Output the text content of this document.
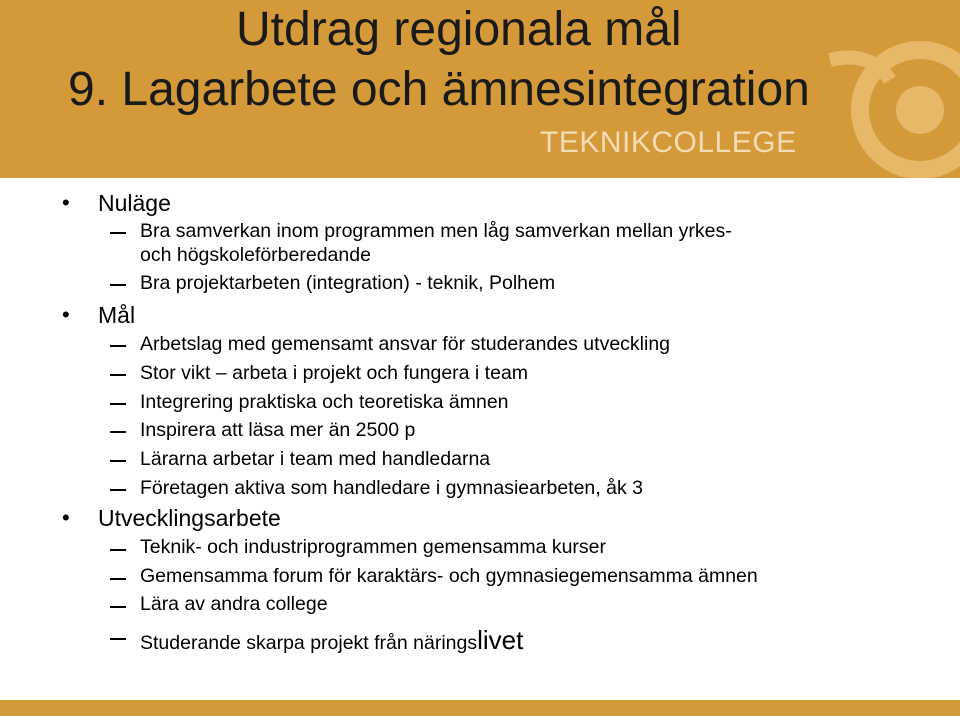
Utdrag regionala mål
9. Lagarbete och ämnesintegration
TEKNIKCOLLEGE
• Nuläge
Bra samverkan inom programmen men låg samverkan mellan yrkes-
och högskoleförberedande
Bra projektarbeten (integration) - teknik, Polhem
• Mål
Arbetslag med gemensamt ansvar för studerandes utveckling
Stor vikt – arbeta i projekt och fungera i team
Integrering praktiska och teoretiska ämnen
Inspirera att läsa mer än 2500 p
Lärarna arbetar i team med handledarna
Företagen aktiva som handledare i gymnasiearbeten, åk 3
• Utvecklingsarbete
Teknik- och industriprogrammen gemensamma kurser
Gemensamma forum för karaktärs- och gymnasiegemensamma ämnen
Lära av andra college
Studerande skarpa projekt från näringslivet
